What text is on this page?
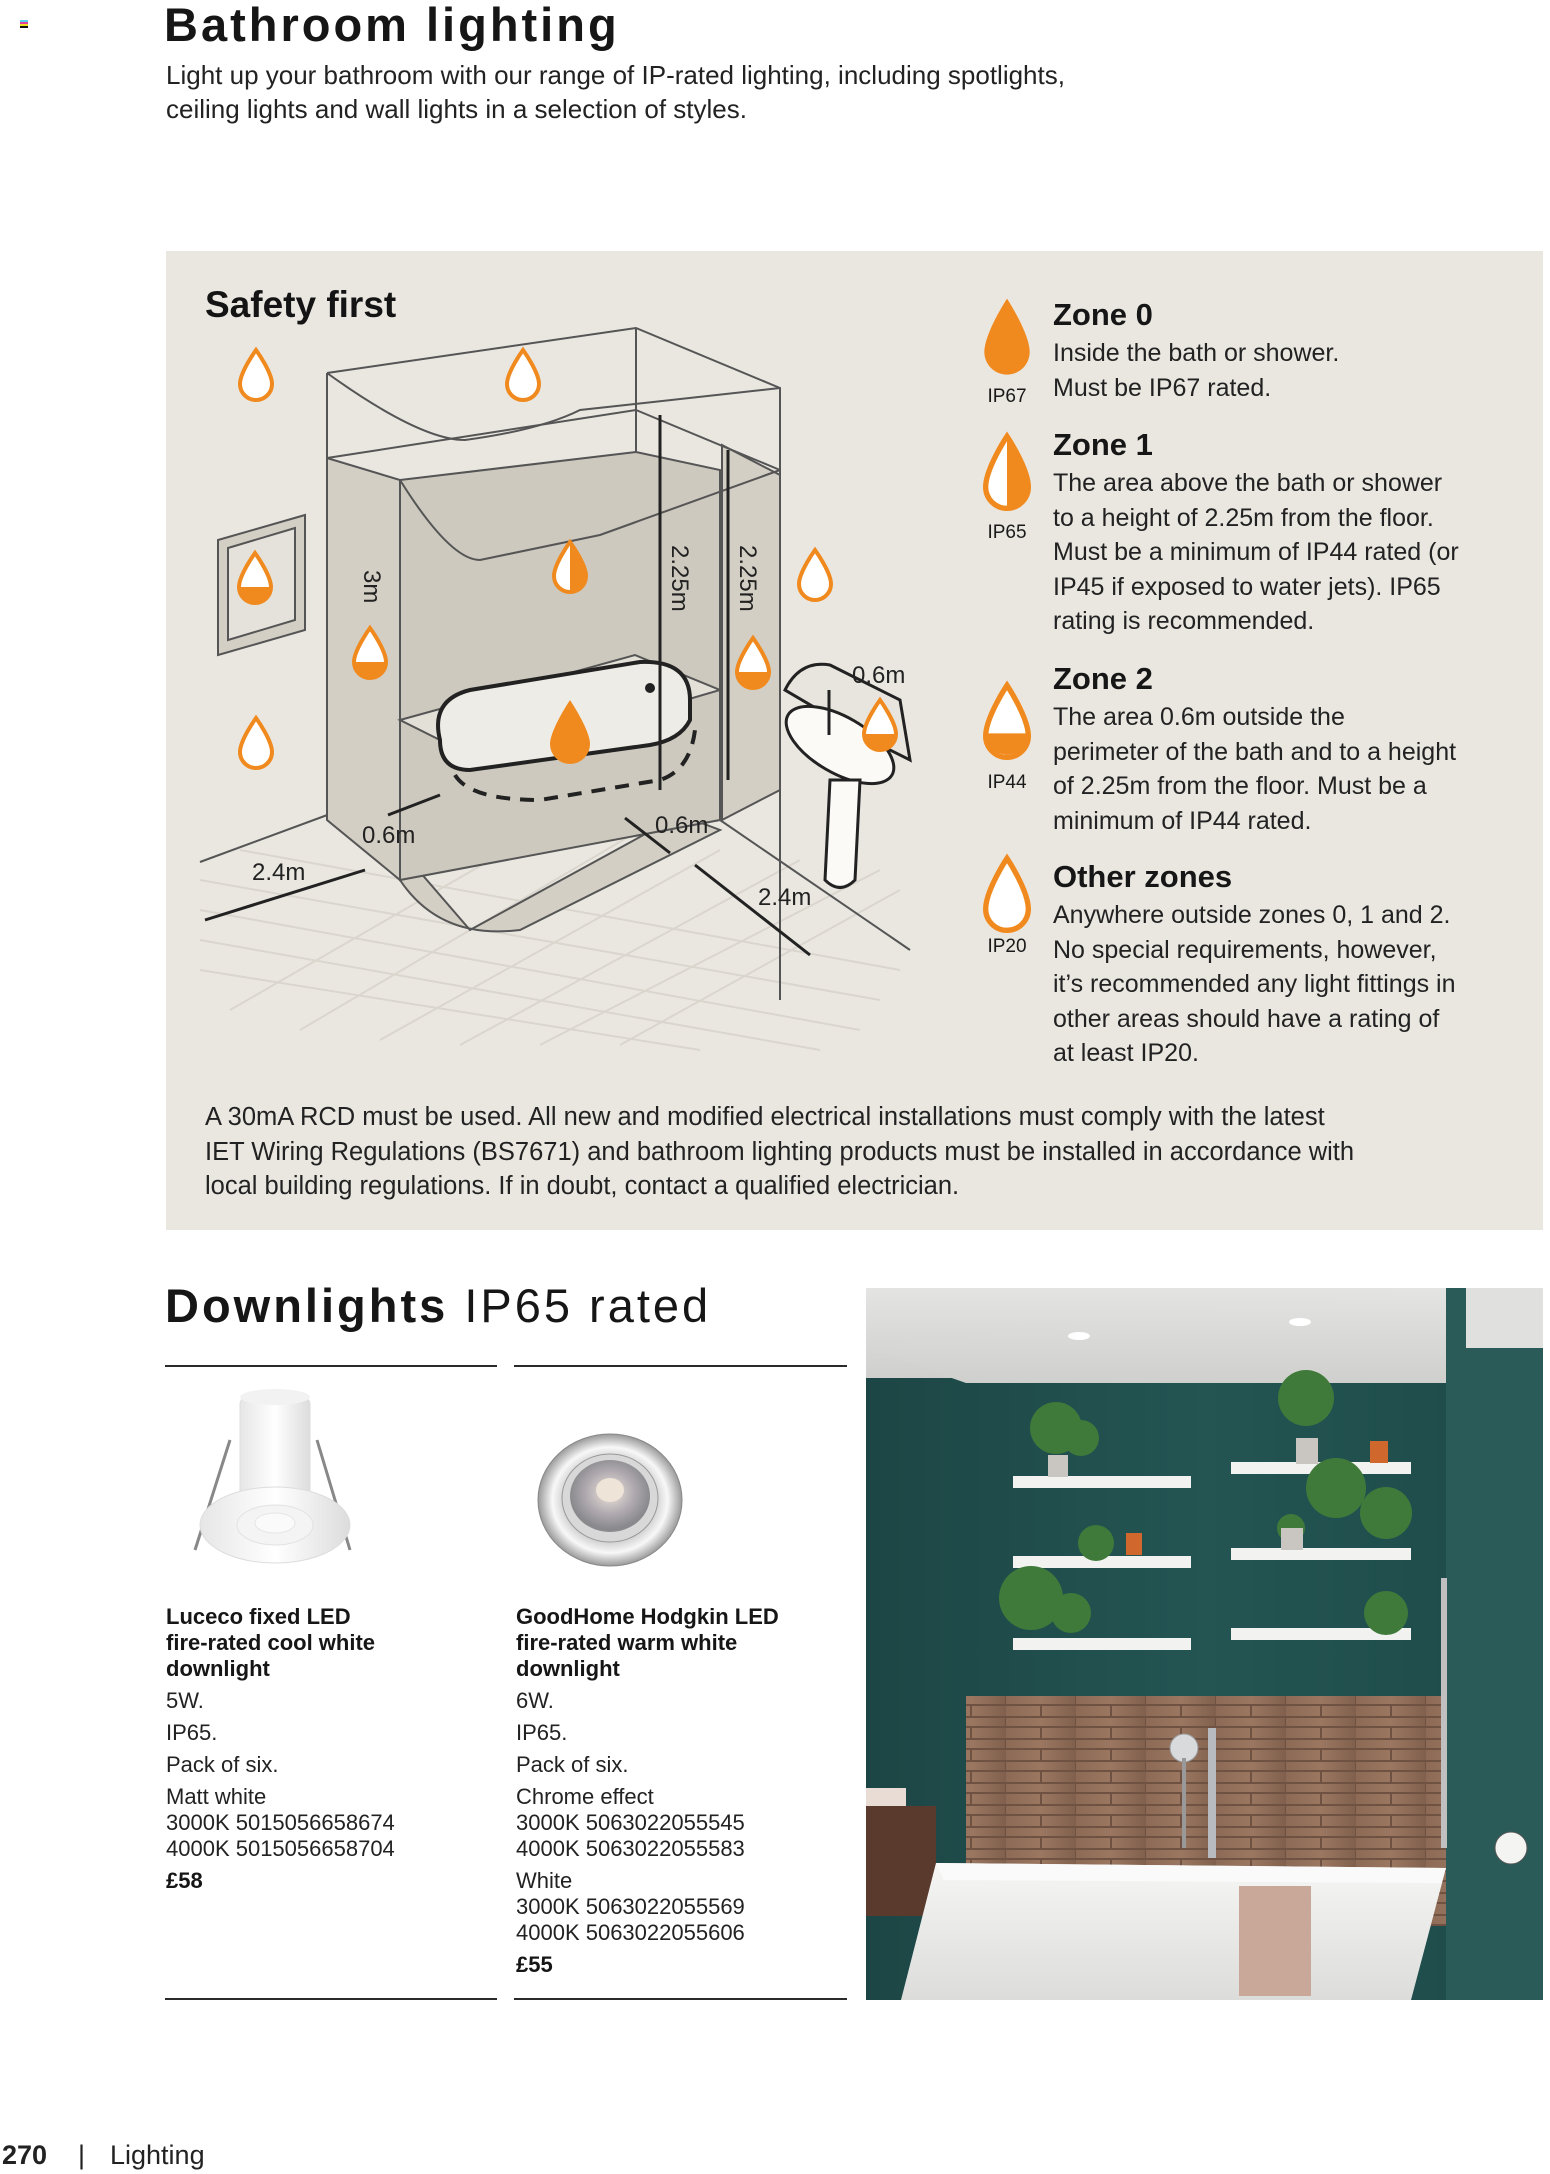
Bathroom lighting
Light up your bathroom with our range of IP-rated lighting, including spotlights,
ceiling lights and wall lights in a selection of styles.
Safety first
3m	2.25m 2.25m
0.6m
0.6m	0.6m
2.4m
2.4m
IP67
Zone 0
Inside the bath or shower.
Must be IP67 rated.
IP65
Zone 1
The area above the bath or shower
to a height of 2.25m from the floor.
Must be a minimum of IP44 rated (or
IP45 if exposed to water jets). IP65
rating is recommended.
IP44
Zone 2
The area 0.6m outside the
perimeter of the bath and to a height
of 2.25m from the floor. Must be a
minimum of IP44 rated.
IP20
Other zones
Anywhere outside zones 0, 1 and 2.
No special requirements, however,
it’s recommended any light fittings in
other areas should have a rating of
at least IP20.
A 30mA RCD must be used. All new and modified electrical installations must comply with the latest
IET Wiring Regulations (BS7671) and bathroom lighting products must be installed in accordance with
local building regulations. If in doubt, contact a qualified electrician.
Downlights IP65 rated
Luceco fixed LED
fire-rated cool white
downlight
5W.
IP65.
Pack of six.
Matt white
3000K 5015056658674
4000K 5015056658704
£58
GoodHome Hodgkin LED
fire-rated warm white
downlight
6W.
IP65.
Pack of six.
Chrome effect
3000K 5063022055545
4000K 5063022055583
White
3000K 5063022055569
4000K 5063022055606
£55
270 | Lighting
